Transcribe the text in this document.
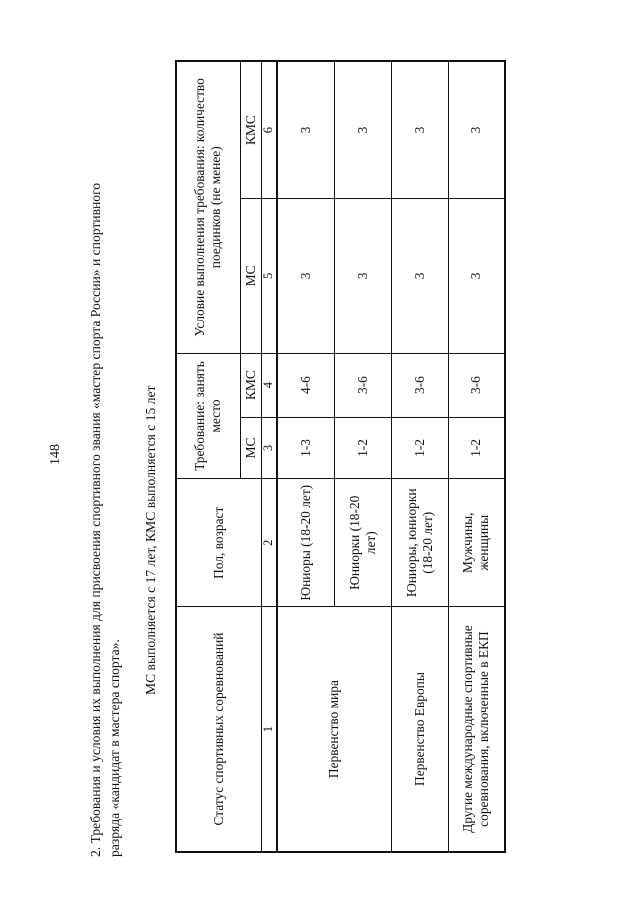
148 2. Требования и условия их выполнения для присвоения спортивного звания «мастер спорта России» и спортивного разряда «кандидат в мастера спорта».

МС выполняется с 17 лет, КМС выполняется с 15 лет
Статус спортивных соревнований	Пол, возраст	Требование: занять место		Условие выполнения требования: количество поединков (не менее)	
		МС	КМС	МС	КМС
1	2	3	4	5	6
Первенство мира	Юниоры (18-20 лет)	1-3	4-6	3	3
	Юниорки (18-20 лет)	1-2	3-6	3	3
Первенство Европы	Юниоры, юниорки (18-20 лет)	1-2	3-6	3	3
Другие международные спортивные соревнования, включенные в ЕКП	Мужчины, женщины	1-2	3-6	3	3
